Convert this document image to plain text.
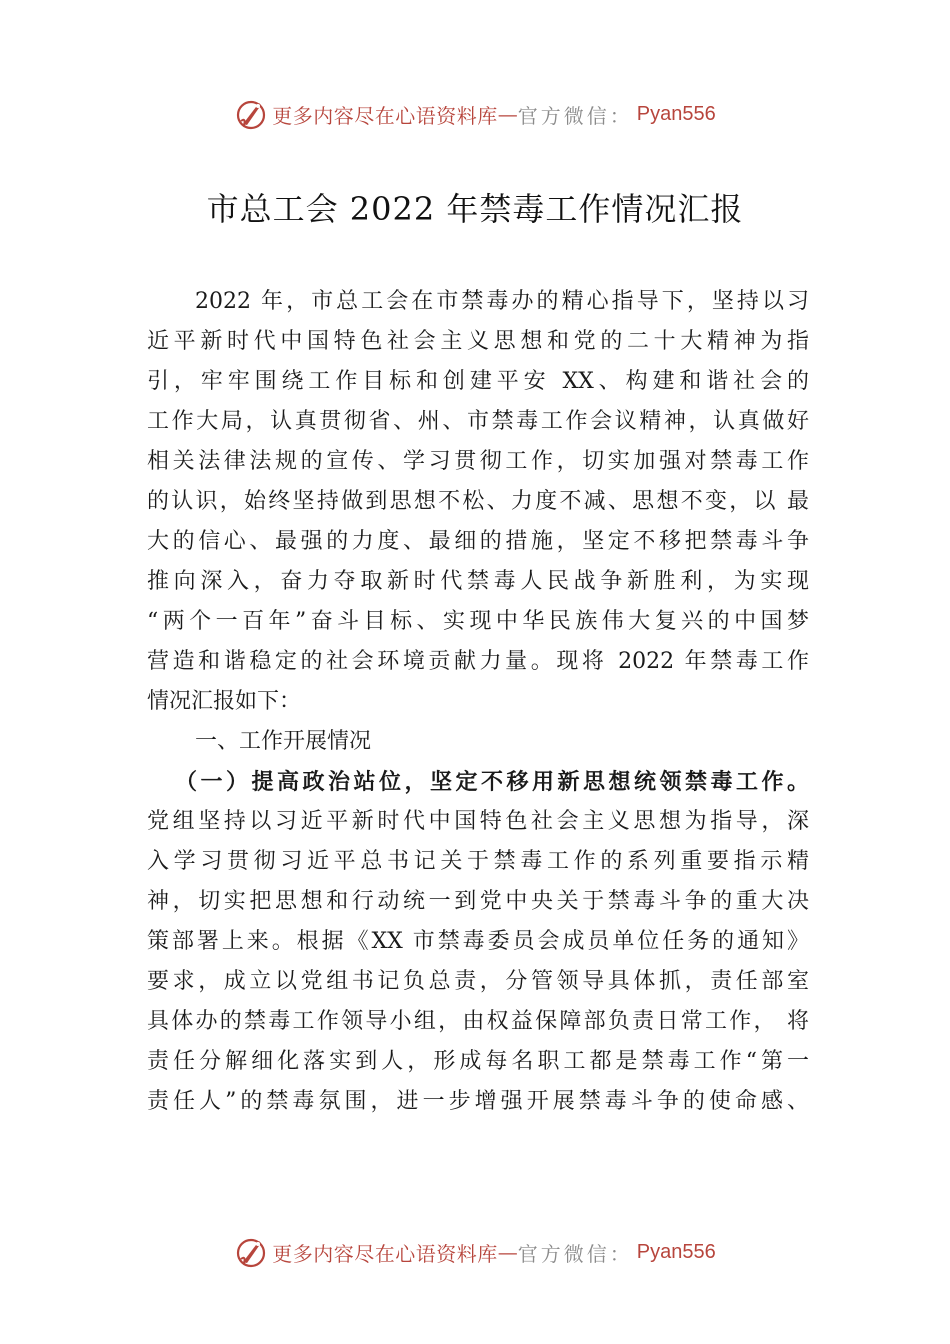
更多内容尽在心语资料库 — 官方微信： Pyan556
市总工会 2022 年禁毒工作情况汇报
2022 年，市总工会在市禁毒办的精心指导下，坚持以习
近平新时代中国特色社会主义思想和党的二十大精神为指
引，牢牢围绕工作目标和创建平安 XX、构建和谐社会的
工作大局，认真贯彻省、州、市禁毒工作会议精神，认真做好
相关法律法规的宣传、学习贯彻工作，切实加强对禁毒工作
的认识，始终坚持做到思想不松、力度不减、思想不变，以 最
大的信心、最强的力度、最细的措施，坚定不移把禁毒斗争
推向深入，奋力夺取新时代禁毒人民战争新胜利，为实现
“两个一百年”奋斗目标、实现中华民族伟大复兴的中国梦
营造和谐稳定的社会环境贡献力量。现将 2022 年禁毒工作
情况汇报如下：
一、工作开展情况
（一）提高政治站位，坚定不移用新思想统领禁毒工作。
党组坚持以习近平新时代中国特色社会主义思想为指导，深
入学习贯彻习近平总书记关于禁毒工作的系列重要指示精
神，切实把思想和行动统一到党中央关于禁毒斗争的重大决
策部署上来。根据《XX 市禁毒委员会成员单位任务的通知》
要求，成立以党组书记负总责，分管领导具体抓，责任部室
具体办的禁毒工作领导小组，由权益保障部负责日常工作， 将
责任分解细化落实到人，形成每名职工都是禁毒工作“第一
责任人”的禁毒氛围，进一步增强开展禁毒斗争的使命感、
更多内容尽在心语资料库 — 官方微信： Pyan556
